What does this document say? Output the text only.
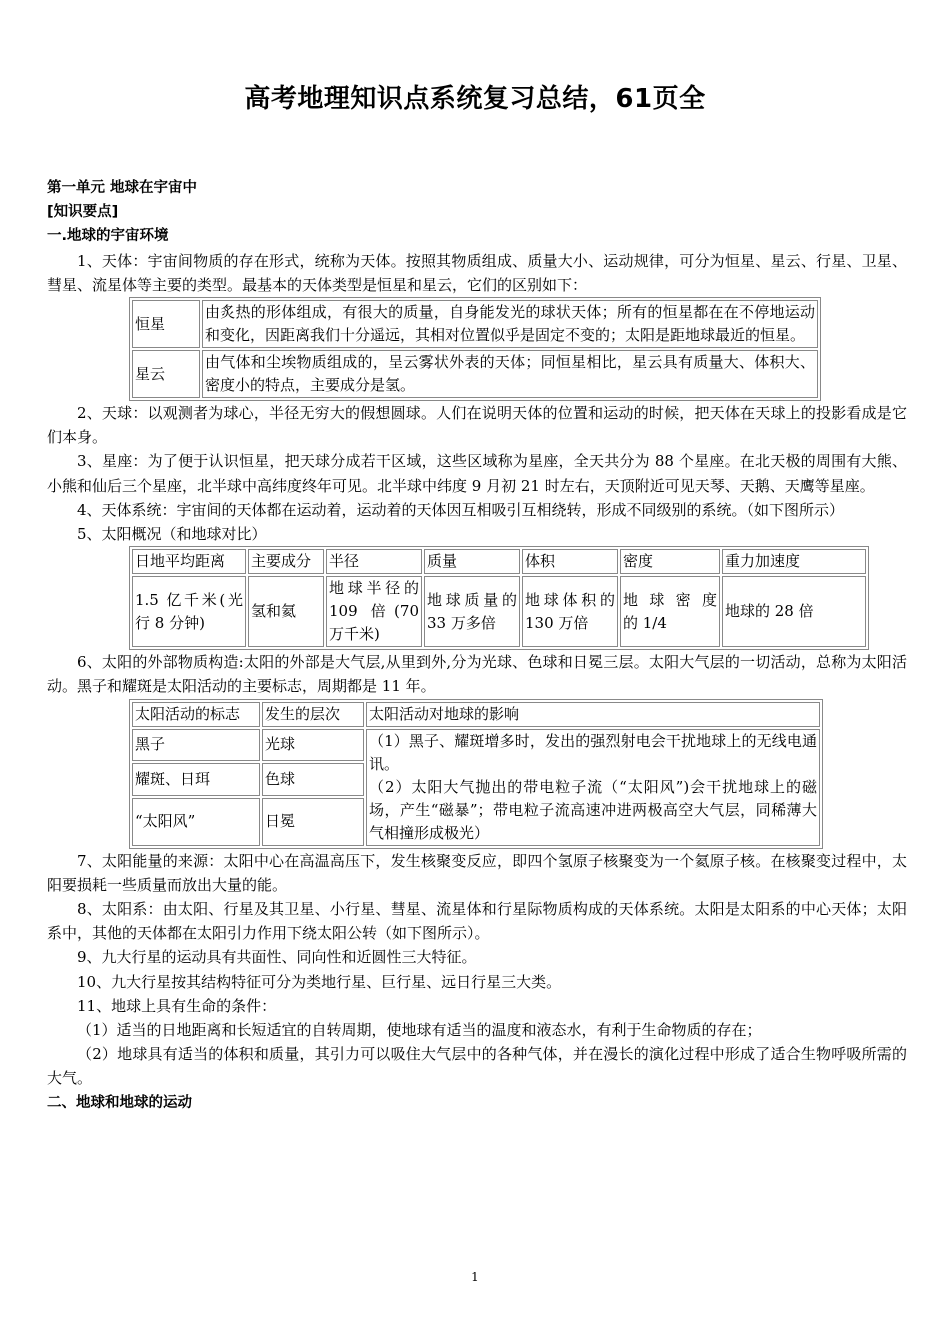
高考地理知识点系统复习总结，61页全
第一单元 地球在宇宙中
[知识要点]
一.地球的宇宙环境

1、天体：宇宙间物质的存在形式，统称为天体。按照其物质组成、质量大小、运动规律，可分为恒星、星云、行星、卫星、彗星、流星体等主要的类型。最基本的天体类型是恒星和星云，它们的区别如下：

恒星	由炙热的形体组成，有很大的质量，自身能发光的球状天体；所有的恒星都在在不停地运动和变化，因距离我们十分遥远，其相对位置似乎是固定不变的；太阳是距地球最近的恒星。
星云	由气体和尘埃物质组成的，呈云雾状外表的天体；同恒星相比，星云具有质量大、体积大、密度小的特点，主要成分是氢。

2、天球：以观测者为球心，半径无穷大的假想圆球。人们在说明天体的位置和运动的时候，把天体在天球上的投影看成是它们本身。

3、星座：为了便于认识恒星，把天球分成若干区域，这些区域称为星座，全天共分为 88 个星座。在北天极的周围有大熊、小熊和仙后三个星座，北半球中高纬度终年可见。北半球中纬度 9 月初 21 时左右，天顶附近可见天琴、天鹅、天鹰等星座。

4、天体系统：宇宙间的天体都在运动着，运动着的天体因互相吸引互相绕转，形成不同级别的系统。（如下图所示）

5、太阳概况（和地球对比）

日地平均距离	主要成分	半径	质量	体积	密度	重力加速度
1.5 亿千米(光行 8 分钟)	氢和氦	地球半径的 109 倍(70 万千米)	地球质量的 33 万多倍	地球体积的 130 万倍	地 球 密 度 的 1/4	地球的 28 倍

6、太阳的外部物质构造:太阳的外部是大气层,从里到外,分为光球、色球和日冕三层。太阳大气层的一切活动，总称为太阳活动。黑子和耀斑是太阳活动的主要标志，周期都是 11 年。

太阳活动的标志	发生的层次	太阳活动对地球的影响
黑子	光球	（1）黑子、耀斑增多时，发出的强烈射电会干扰地球上的无线电通讯。
（2）太阳大气抛出的带电粒子流（“太阳风”)会干扰地球上的磁场，产生“磁暴”；带电粒子流高速冲进两极高空大气层，同稀薄大气相撞形成极光）

耀斑、日珥	色球	
“太阳风”	日冕	

7、太阳能量的来源：太阳中心在高温高压下，发生核聚变反应，即四个氢原子核聚变为一个氦原子核。在核聚变过程中，太阳要损耗一些质量而放出大量的能。

8、太阳系：由太阳、行星及其卫星、小行星、彗星、流星体和行星际物质构成的天体系统。太阳是太阳系的中心天体；太阳系中，其他的天体都在太阳引力作用下绕太阳公转（如下图所示）。

9、九大行星的运动具有共面性、同向性和近圆性三大特征。

10、九大行星按其结构特征可分为类地行星、巨行星、远日行星三大类。

11、地球上具有生命的条件：

（1）适当的日地距离和长短适宜的自转周期，使地球有适当的温度和液态水，有利于生命物质的存在；

（2）地球具有适当的体积和质量，其引力可以吸住大气层中的各种气体，并在漫长的演化过程中形成了适合生物呼吸所需的大气。

二、地球和地球的运动
1
